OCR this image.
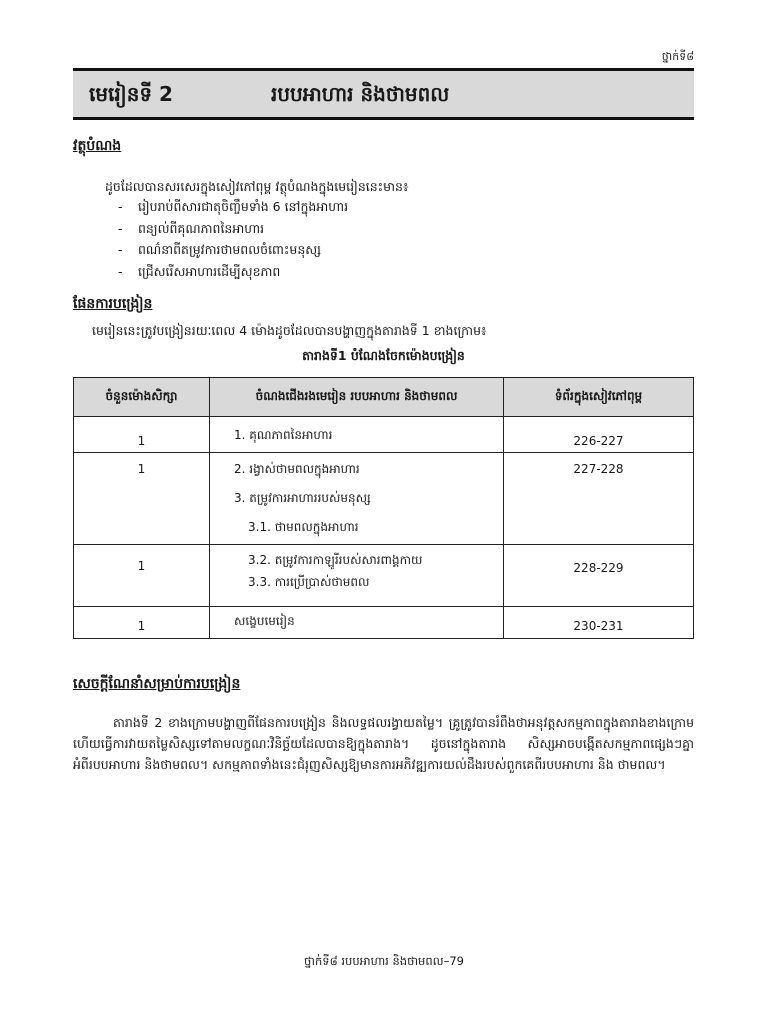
ថ្នាក់ទី៨
មេរៀនទី 2	របបអាហារ និងថាមពល
វត្ថុបំណង
ដូចដែលបានសរសេរក្នុងសៀវភៅពុម្ព វត្ថុបំណងក្នុងមេរៀននេះមាន៖
- រៀបរាប់ពីសារជាតុចិញ្ចឹមទាំង 6 នៅក្នុងអាហារ
- ពន្យល់ពីគុណភាពនៃអាហារ
- ពណ៌នាពីតម្រូវការថាមពលចំពោះមនុស្ស
- ជ្រើសរើសអាហារដើម្បីសុខភាព
ផែនការបង្រៀន
មេរៀននេះត្រូវបង្រៀនរយៈពេល 4 ម៉ោងដូចដែលបានបង្ហាញក្នុងតារាងទី 1 ខាងក្រោម៖
តារាងទី1 បំណែងចែកម៉ោងបង្រៀន
ចំនួនម៉ោងសិក្សា	ចំណងជើងរងមេរៀន របបអាហារ និងថាមពល	ទំព័រក្នុងសៀវភៅពុម្ព
1	1. គុណភាពនៃអាហារ	226-227
1	2. រង្វាស់ថាមពលក្នុងអាហារ
3. តម្រូវការអាហាររបស់មនុស្ស
3.1. ថាមពលក្នុងអាហារ	227-228
1	3.2. តម្រូវការកាឡូរីរបស់សារពាង្គកាយ
3.3. ការប្រើប្រាស់ថាមពល	228-229
1	សង្ខេបមេរៀន	230-231
សេចក្ដីណែនាំសម្រាប់ការបង្រៀន
តារាងទី 2 ខាងក្រោមបង្ហាញពីផែនការបង្រៀន និងលទ្ធផលរង្វាយតម្លៃ។ គ្រូត្រូវបានរំពឹងថាអនុវត្តសកម្មភាពក្នុងតារាងខាងក្រោម ហើយធ្វើការវាយតម្លៃសិស្សទៅតាមលក្ខណៈវិនិច្ឆ័យដែលបានឱ្យក្នុងតារាង។ ដូចនៅក្នុងតារាង សិស្សអាចបង្កើតសកម្មភាពផ្សេងៗគ្នាអំពីរបបអាហារ និងថាមពល។ សកម្មភាពទាំងនេះជំរុញសិស្សឱ្យមានការអភិវឌ្ឍការយល់ដឹងរបស់ពួកគេពីរបបអាហារ និង ថាមពល។
ថ្នាក់ទី៨ របបអាហារ និងថាមពល–79
